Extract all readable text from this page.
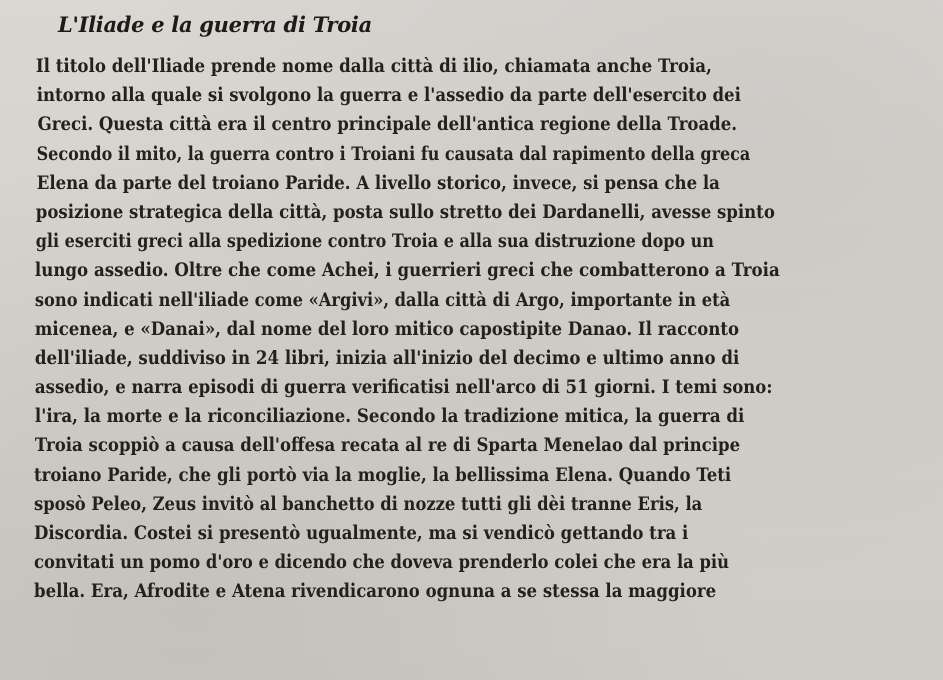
L'Iliade e la guerra di Troia
Il titolo dell'Iliade prende nome dalla città di ilio, chiamata anche Troia,
intorno alla quale si svolgono la guerra e l'assedio da parte dell'esercito dei
Greci. Questa città era il centro principale dell'antica regione della Troade.
Secondo il mito, la guerra contro i Troiani fu causata dal rapimento della greca
Elena da parte del troiano Paride. A livello storico, invece, si pensa che la
posizione strategica della città, posta sullo stretto dei Dardanelli, avesse spinto
gli eserciti greci alla spedizione contro Troia e alla sua distruzione dopo un
lungo assedio. Oltre che come Achei, i guerrieri greci che combatterono a Troia
sono indicati nell'iliade come «Argivi», dalla città di Argo, importante in età
micenea, e «Danai», dal nome del loro mitico capostipite Danao. Il racconto
dell'iliade, suddiviso in 24 libri, inizia all'inizio del decimo e ultimo anno di
assedio, e narra episodi di guerra verificatisi nell'arco di 51 giorni. I temi sono:
l'ira, la morte e la riconciliazione. Secondo la tradizione mitica, la guerra di
Troia scoppiò a causa dell'offesa recata al re di Sparta Menelao dal principe
troiano Paride, che gli portò via la moglie, la bellissima Elena. Quando Teti
sposò Peleo, Zeus invitò al banchetto di nozze tutti gli dèi tranne Eris, la
Discordia. Costei si presentò ugualmente, ma si vendicò gettando tra i
convitati un pomo d'oro e dicendo che doveva prenderlo colei che era la più
bella. Era, Afrodite e Atena rivendicarono ognuna a se stessa la maggiore
